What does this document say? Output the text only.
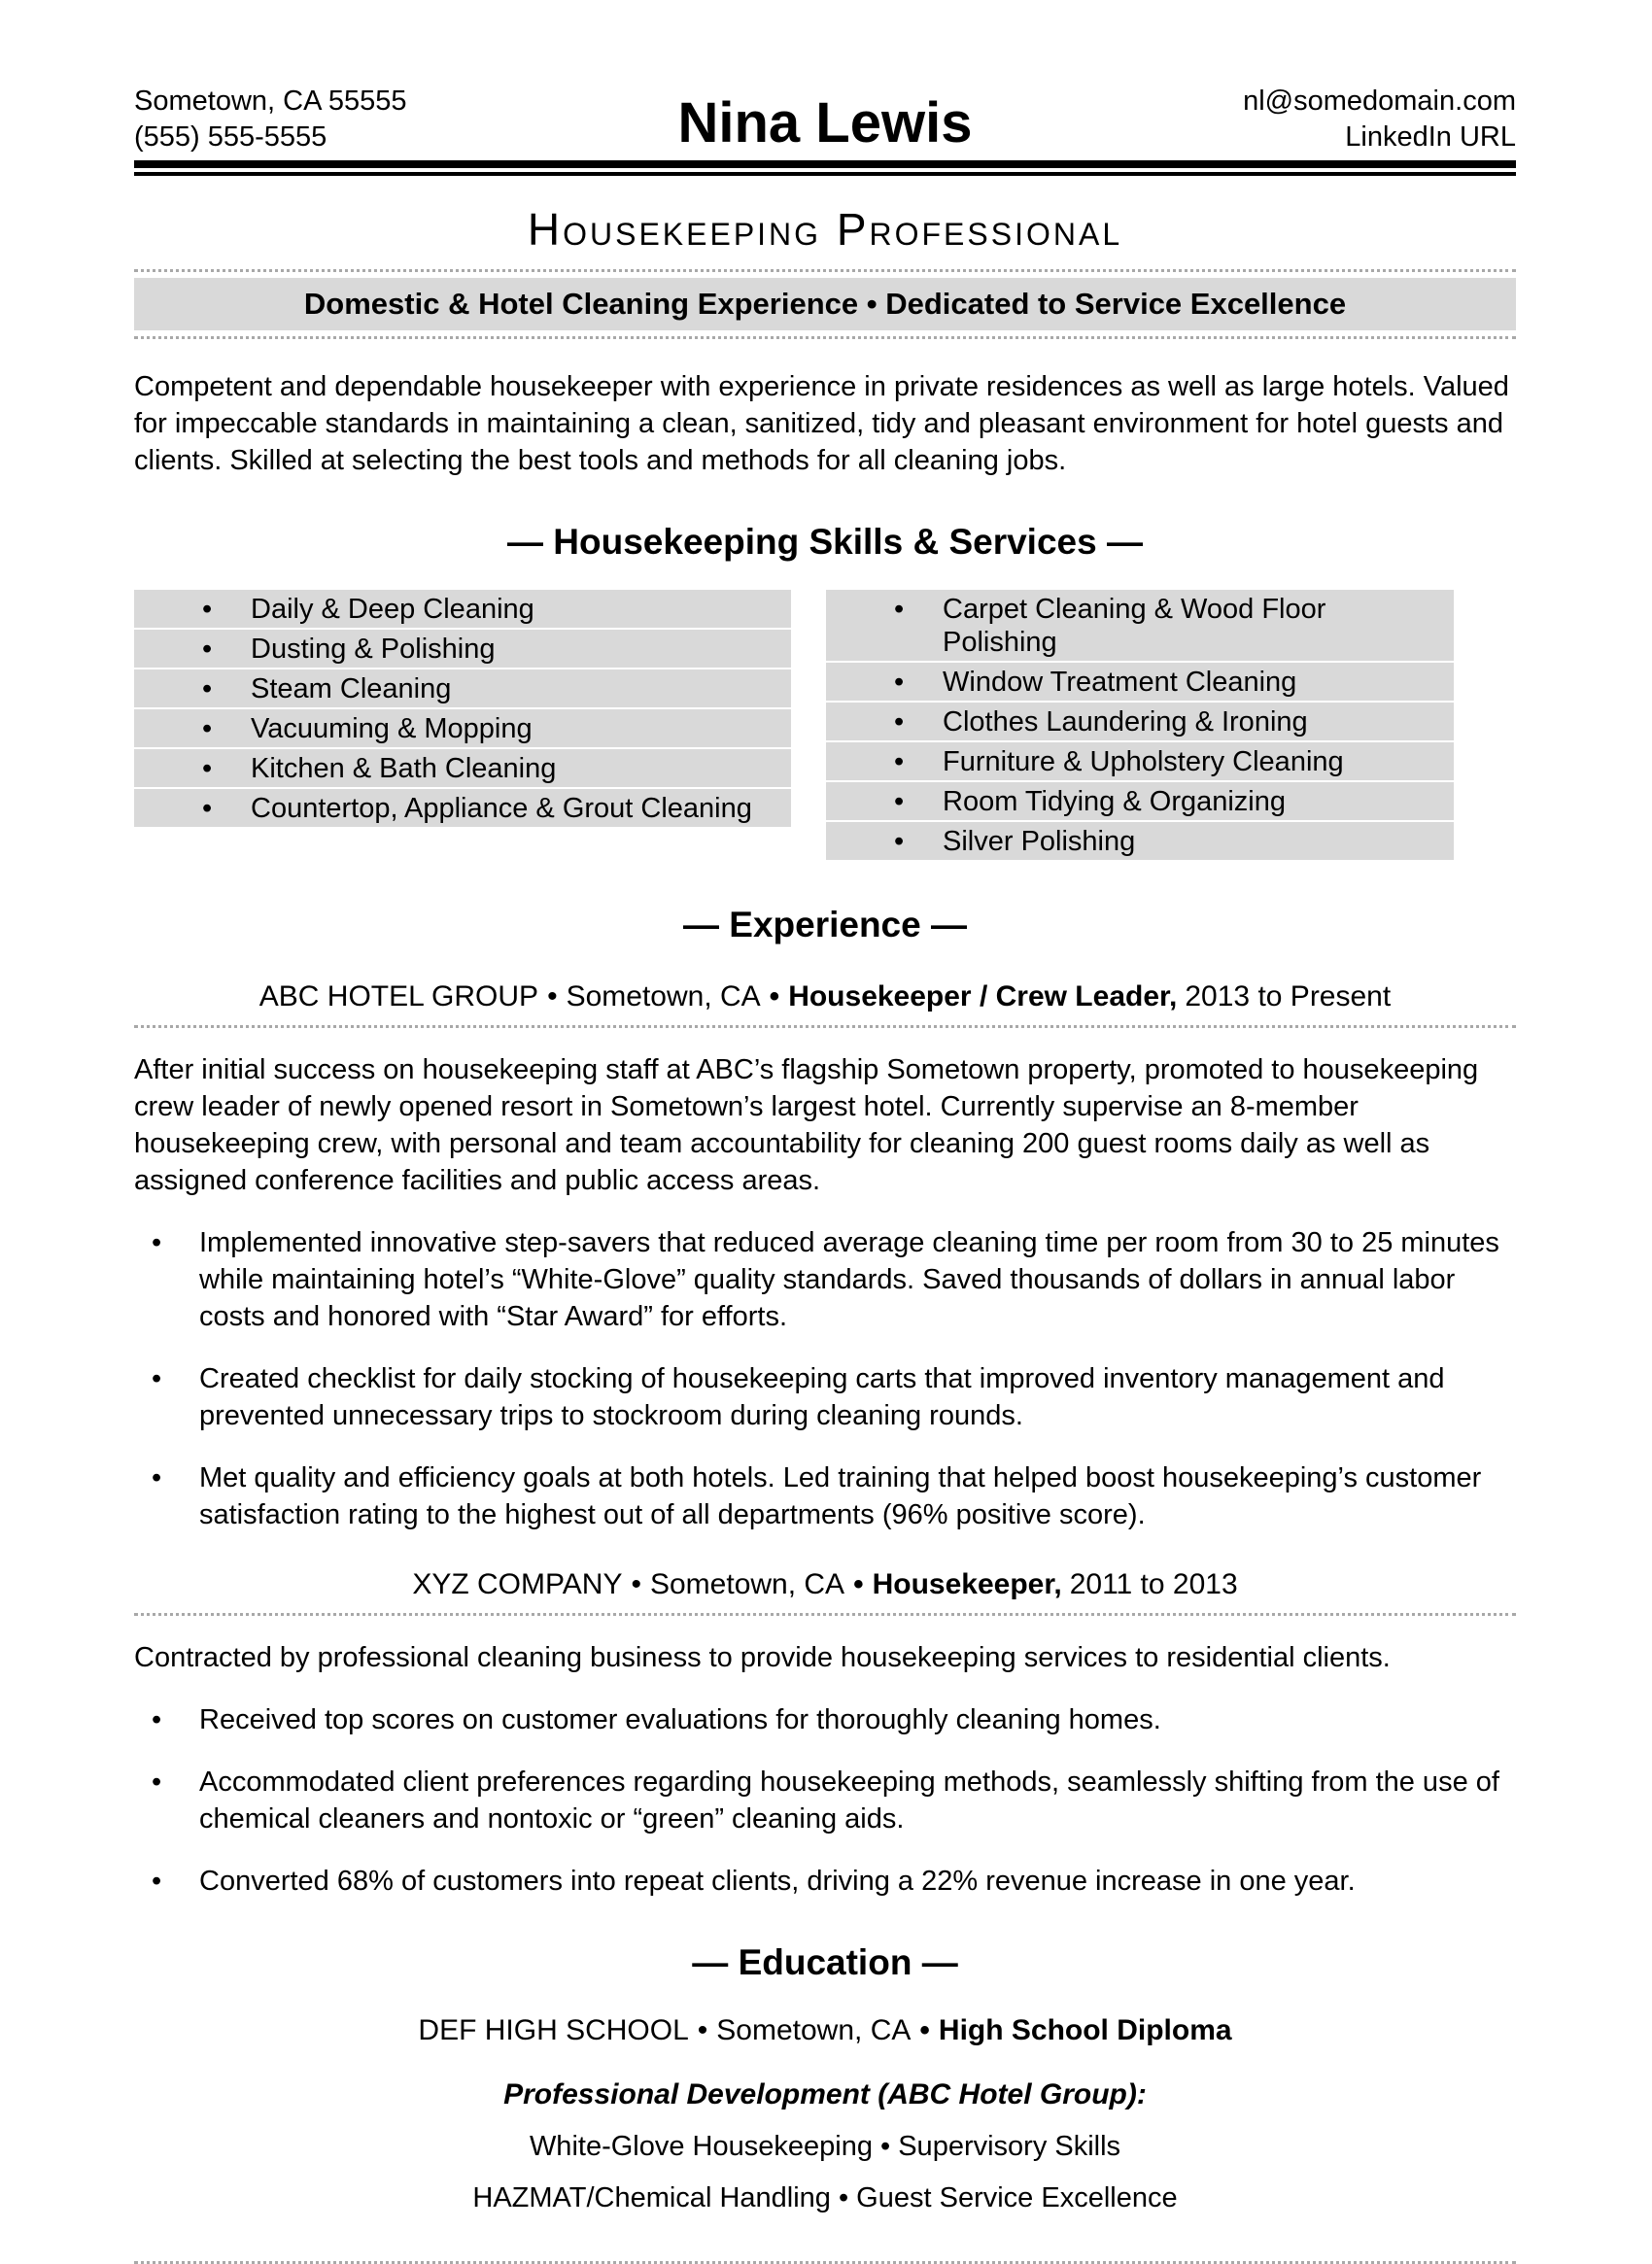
Sometown, CA 55555
(555) 555-5555	Nina Lewis	nl@somedomain.com
LinkedIn URL
Housekeeping Professional
Domestic & Hotel Cleaning Experience • Dedicated to Service Excellence
Competent and dependable housekeeper with experience in private residences as well as large hotels. Valued for impeccable standards in maintaining a clean, sanitized, tidy and pleasant environment for hotel guests and clients. Skilled at selecting the best tools and methods for all cleaning jobs.
— Housekeeping Skills & Services —
• Daily & Deep Cleaning
• Dusting & Polishing
• Steam Cleaning
• Vacuuming & Mopping
• Kitchen & Bath Cleaning
• Countertop, Appliance & Grout Cleaning
• Carpet Cleaning & Wood Floor Polishing
• Window Treatment Cleaning
• Clothes Laundering & Ironing
• Furniture & Upholstery Cleaning
• Room Tidying & Organizing
• Silver Polishing
— Experience —
ABC HOTEL GROUP • Sometown, CA • Housekeeper / Crew Leader, 2013 to Present
After initial success on housekeeping staff at ABC’s flagship Sometown property, promoted to housekeeping crew leader of newly opened resort in Sometown’s largest hotel. Currently supervise an 8-member housekeeping crew, with personal and team accountability for cleaning 200 guest rooms daily as well as assigned conference facilities and public access areas.
• Implemented innovative step-savers that reduced average cleaning time per room from 30 to 25 minutes while maintaining hotel’s “White-Glove” quality standards. Saved thousands of dollars in annual labor costs and honored with “Star Award” for efforts.
• Created checklist for daily stocking of housekeeping carts that improved inventory management and prevented unnecessary trips to stockroom during cleaning rounds.
• Met quality and efficiency goals at both hotels. Led training that helped boost housekeeping’s customer satisfaction rating to the highest out of all departments (96% positive score).
XYZ COMPANY • Sometown, CA • Housekeeper, 2011 to 2013
Contracted by professional cleaning business to provide housekeeping services to residential clients.
• Received top scores on customer evaluations for thoroughly cleaning homes.
• Accommodated client preferences regarding housekeeping methods, seamlessly shifting from the use of chemical cleaners and nontoxic or “green” cleaning aids.
• Converted 68% of customers into repeat clients, driving a 22% revenue increase in one year.
— Education —
DEF HIGH SCHOOL • Sometown, CA • High School Diploma
Professional Development (ABC Hotel Group):
White-Glove Housekeeping • Supervisory Skills
HAZMAT/Chemical Handling • Guest Service Excellence
